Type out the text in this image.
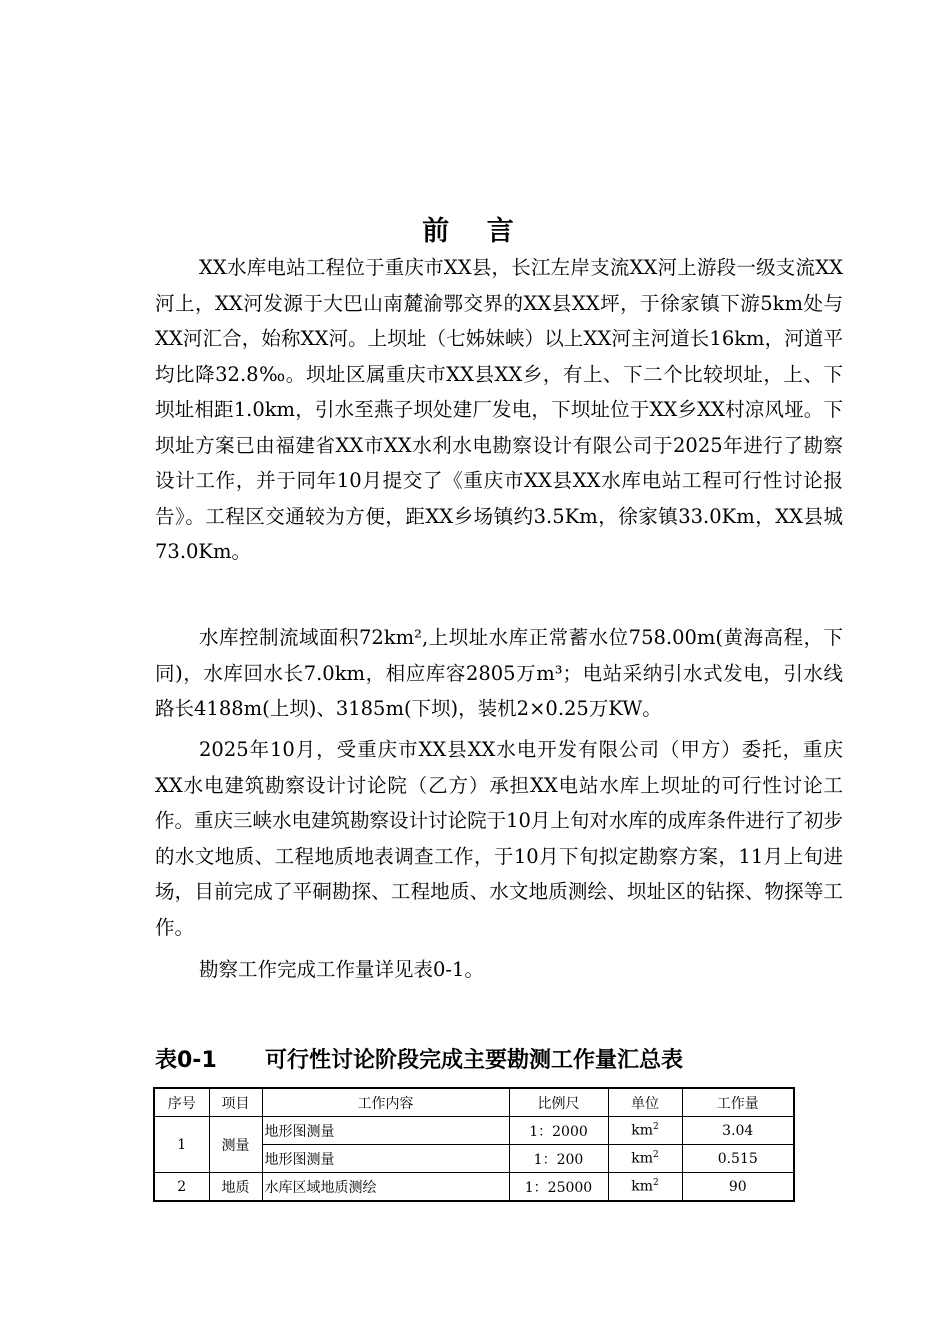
前 言

XX水库电站工程位于重庆市XX县，长江左岸支流XX河上游段一级支流XX河上，XX河发源于大巴山南麓渝鄂交界的XX县XX坪，于徐家镇下游5km处与XX河汇合，始称XX河。上坝址（七姊妹峡）以上XX河主河道长16km，河道平均比降32.8‰。坝址区属重庆市XX县XX乡，有上、下二个比较坝址，上、下坝址相距1.0km，引水至燕子坝处建厂发电，下坝址位于XX乡XX村凉风垭。下坝址方案已由福建省XX市XX水利水电勘察设计有限公司于2025年进行了勘察设计工作，并于同年10月提交了《重庆市XX县XX水库电站工程可行性讨论报告》。工程区交通较为方便，距XX乡场镇约3.5Km，徐家镇33.0Km，XX县城73.0Km。

水库控制流域面积72km²,上坝址水库正常蓄水位758.00m(黄海高程，下同)，水库回水长7.0km，相应库容2805万m³；电站采纳引水式发电，引水线路长4188m(上坝)、3185m(下坝)，装机2×0.25万KW。

2025年10月，受重庆市XX县XX水电开发有限公司（甲方）委托，重庆XX水电建筑勘察设计讨论院（乙方）承担XX电站水库上坝址的可行性讨论工作。重庆三峡水电建筑勘察设计讨论院于10月上旬对水库的成库条件进行了初步的水文地质、工程地质地表调查工作，于10月下旬拟定勘察方案，11月上旬进场，目前完成了平硐勘探、工程地质、水文地质测绘、坝址区的钻探、物探等工作。

勘察工作完成工作量详见表0-1。

表0-1 可行性讨论阶段完成主要勘测工作量汇总表
序号	项目	工作内容	比例尺	单位	工作量
1	测量	地形图测量	1：2000	$km^2$	3.04
		地形图测量	1：200	$km^2$	0.515
2	地质	水库区域地质测绘	1：25000	$km^2$	90
